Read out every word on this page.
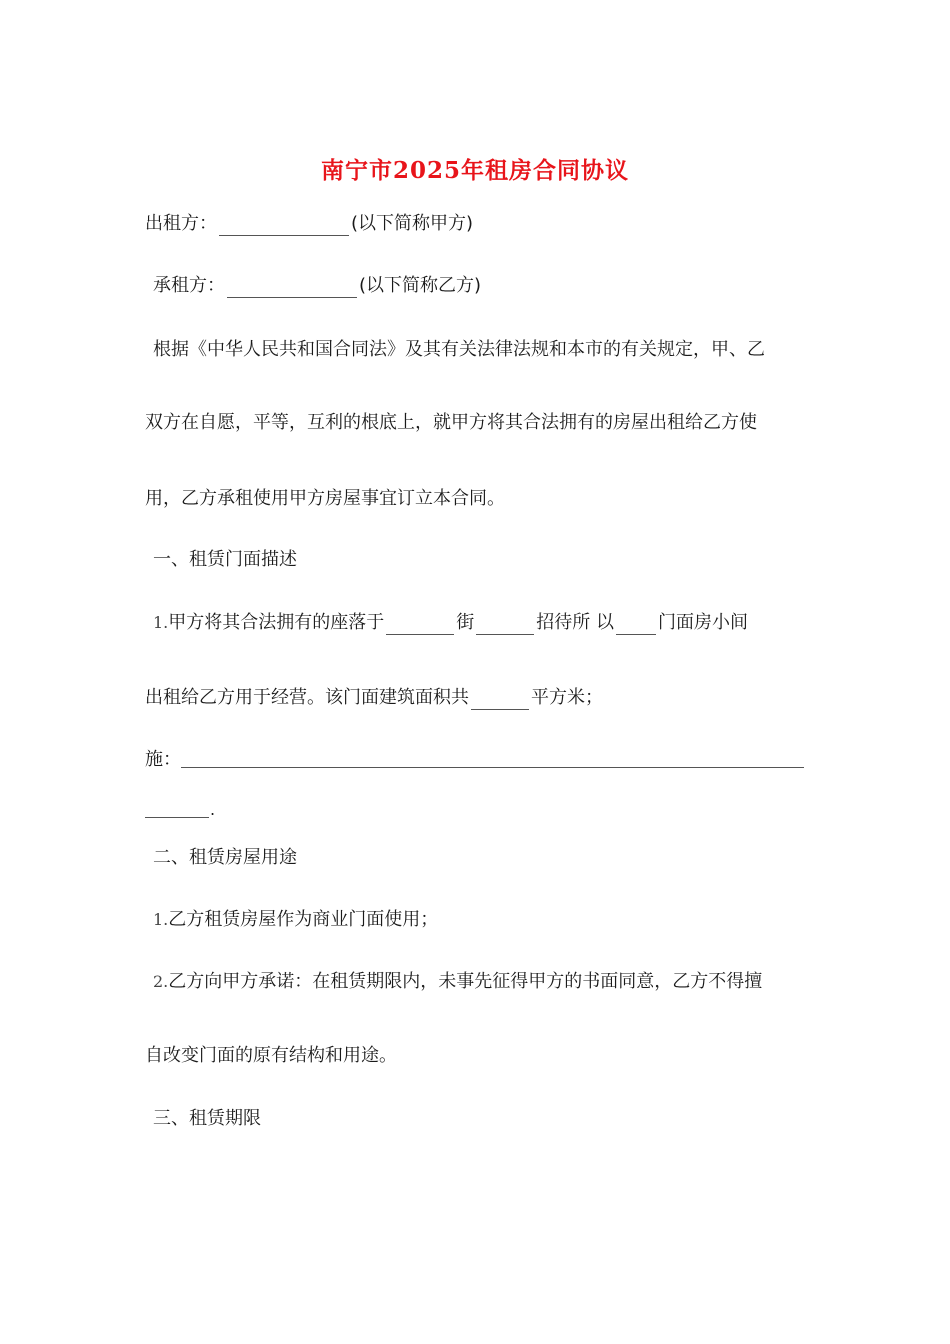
南宁市2025年租房合同协议
出租方：	(以下简称甲方)
承租方：	(以下简称乙方)
根据《中华人民共和国合同法》及其有关法律法规和本市的有关规定，甲、乙
双方在自愿，平等，互利的根底上，就甲方将其合法拥有的房屋出租给乙方使
用，乙方承租使用甲方房屋事宜订立本合同。
一、租赁门面描述
1.甲方将其合法拥有的座落于	街	招待所 以 门面房小间
出租给乙方用于经营。该门面建筑面积共	平方米；
施：
.
二、租赁房屋用途
1.乙方租赁房屋作为商业门面使用；
2.乙方向甲方承诺：在租赁期限内，未事先征得甲方的书面同意，乙方不得擅
自改变门面的原有结构和用途。
三、租赁期限
